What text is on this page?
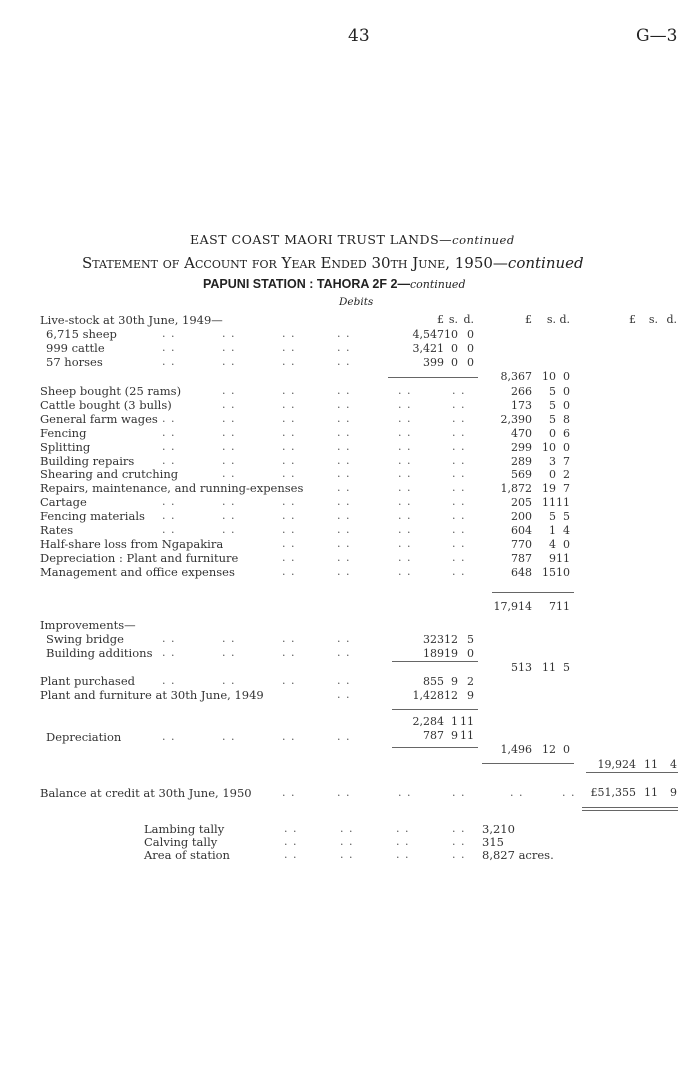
43	G—3
EAST COAST MAORI TRUST LANDS—continued
Statement of Account for Year Ended 30th June, 1950—continued
PAPUNI STATION : TAHORA 2F 2—continued
Debits
£ s. d.	£ s. d.	£ s. d.
Live-stock at 30th June, 1949—
6,715 sheep	. .	. .	. .	. .	4,547 10 0
999 cattle	. .	. .	. .	. .	3,421 0 0
57 horses	. .	. .	. .	. .	399 0 0
8,367 10 0
Sheep bought (25 rams)	. .	. .	. .	. .	. .	266 5 0
Cattle bought (3 bulls)	. .	. .	. .	. .	. .	173 5 0
General farm wages . .	. .	. .	. .	. .	. .	2,390 5 8
Fencing	. .	. .	. .	. .	. .	. .	470 0 6
Splitting	. .	. .	. .	. .	. .	. .	299 10 0
Building repairs	. .	. .	. .	. .	. .	. .	289 3 7
Shearing and crutching	. .	. .	. .	. .	. .	569 0 2
Repairs, maintenance, and running-expenses	. .	. .	. .	1,872 19 7
Cartage	. .	. .	. .	. .	. .	. .	205 11 11
Fencing materials . .	. .	. .	. .	. .	. .	200 5 5
Rates	. .	. .	. .	. .	. .	. .	604 1 4
Half-share loss from Ngapakira	. .	. .	. .	. .	770 4 0
Depreciation : Plant and furniture	. .	. .	. .	. .	787 9 11
Management and office expenses	. .	. .	. .	. .	648 15 10
17,914 7 11
Improvements—
Swing bridge	. .	. .	. .	. .	323 12 5
Building additions . .	. .	. .	. .	189 19 0
513 11 5
Plant purchased . .	. .	. .	. .	855 9 2
Plant and furniture at 30th June, 1949	. .	1,428 12 9
2,284 1 11
Depreciation	. .	. .	. .	. .	787 9 11
1,496 12 0
19,924 11 4
Balance at credit at 30th June, 1950	. .	. .	. .	. .	. .	. . £51,355 11 9
Lambing tally	. .	. .	. .	. . 3,210
Calving tally	. .	. .	. .	. . 315
Area of station	. .	. .	. .	. . 8,827 acres.
